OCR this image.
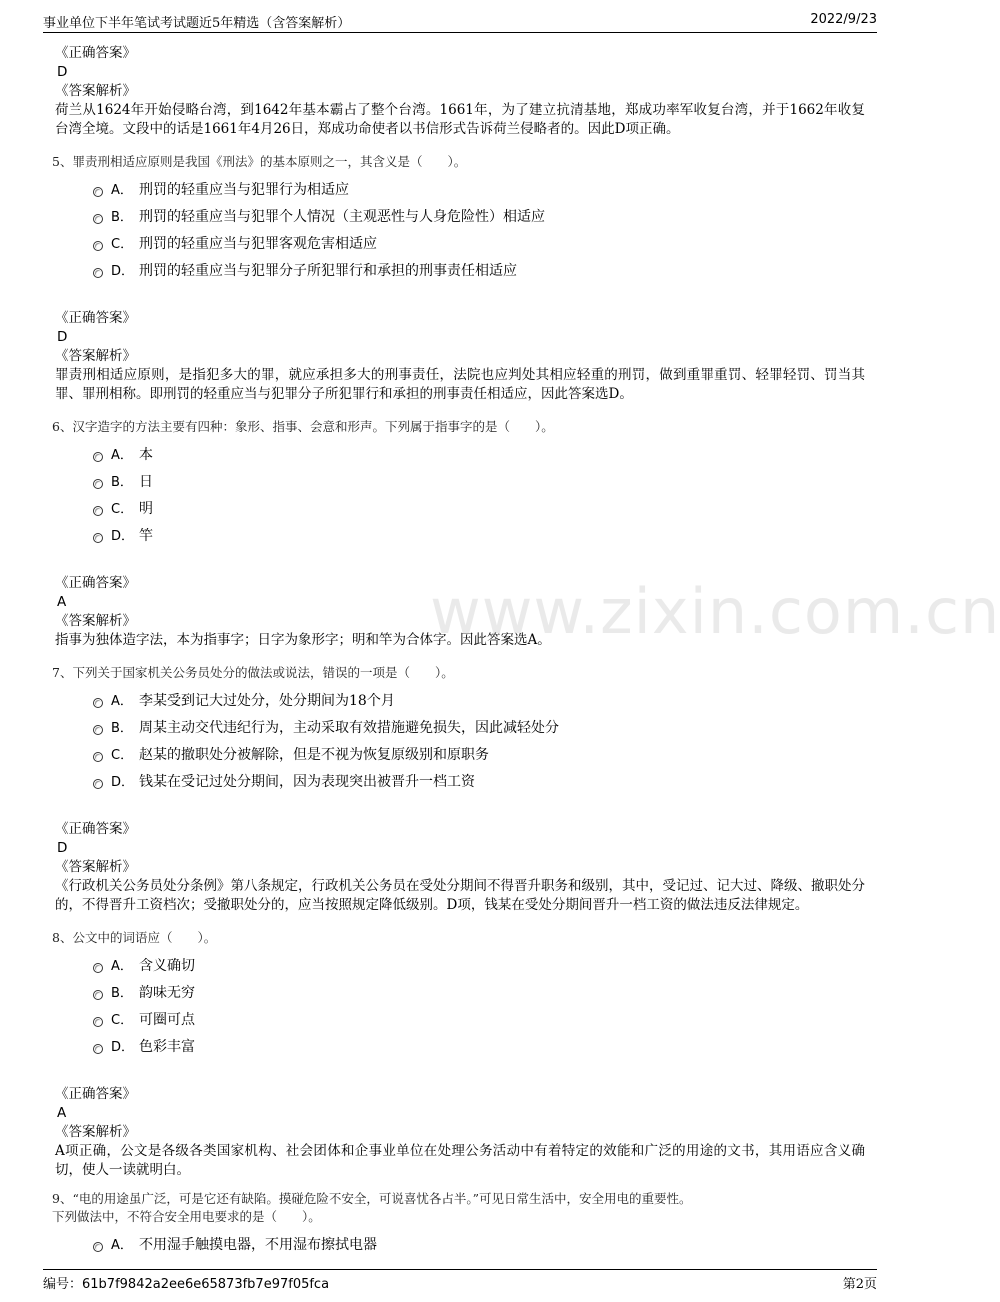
事业单位下半年笔试考试题近5年精选（含答案解析）	2022/9/23
www.zixin.com.cn
《正确答案》
D
《答案解析》
荷兰从1624年开始侵略台湾，到1642年基本霸占了整个台湾。1661年，为了建立抗清基地，郑成功率军收复台湾，并于1662年收复台湾全境。文段中的话是1661年4月26日，郑成功命使者以书信形式告诉荷兰侵略者的。因此D项正确。
5、罪责刑相适应原则是我国《刑法》的基本原则之一，其含义是（　　）。
A． 刑罚的轻重应当与犯罪行为相适应
B． 刑罚的轻重应当与犯罪个人情况（主观恶性与人身危险性）相适应
C． 刑罚的轻重应当与犯罪客观危害相适应
D． 刑罚的轻重应当与犯罪分子所犯罪行和承担的刑事责任相适应
《正确答案》
D
《答案解析》
罪责刑相适应原则，是指犯多大的罪，就应承担多大的刑事责任，法院也应判处其相应轻重的刑罚，做到重罪重罚、轻罪轻罚、罚当其罪、罪刑相称。即刑罚的轻重应当与犯罪分子所犯罪行和承担的刑事责任相适应，因此答案选D。
6、汉字造字的方法主要有四种：象形、指事、会意和形声。下列属于指事字的是（　　）。
A． 本
B． 日
C． 明
D． 竿
《正确答案》
A
《答案解析》
指事为独体造字法，本为指事字；日字为象形字；明和竿为合体字。因此答案选A。
7、下列关于国家机关公务员处分的做法或说法，错误的一项是（　　）。
A． 李某受到记大过处分，处分期间为18个月
B． 周某主动交代违纪行为，主动采取有效措施避免损失，因此减轻处分
C． 赵某的撤职处分被解除，但是不视为恢复原级别和原职务
D． 钱某在受记过处分期间，因为表现突出被晋升一档工资
《正确答案》
D
《答案解析》
《行政机关公务员处分条例》第八条规定，行政机关公务员在受处分期间不得晋升职务和级别，其中，受记过、记大过、降级、撤职处分的，不得晋升工资档次；受撤职处分的，应当按照规定降低级别。D项，钱某在受处分期间晋升一档工资的做法违反法律规定。
8、公文中的词语应（　　）。
A． 含义确切
B． 韵味无穷
C． 可圈可点
D． 色彩丰富
《正确答案》
A
《答案解析》
A项正确，公文是各级各类国家机构、社会团体和企事业单位在处理公务活动中有着特定的效能和广泛的用途的文书，其用语应含义确切，使人一读就明白。
9、“电的用途虽广泛，可是它还有缺陷。摸碰危险不安全，可说喜忧各占半。”可见日常生活中，安全用电的重要性。
下列做法中，不符合安全用电要求的是（　　）。
A． 不用湿手触摸电器，不用湿布擦拭电器
编号：61b7f9842a2ee6e65873fb7e97f05fca	第2页
